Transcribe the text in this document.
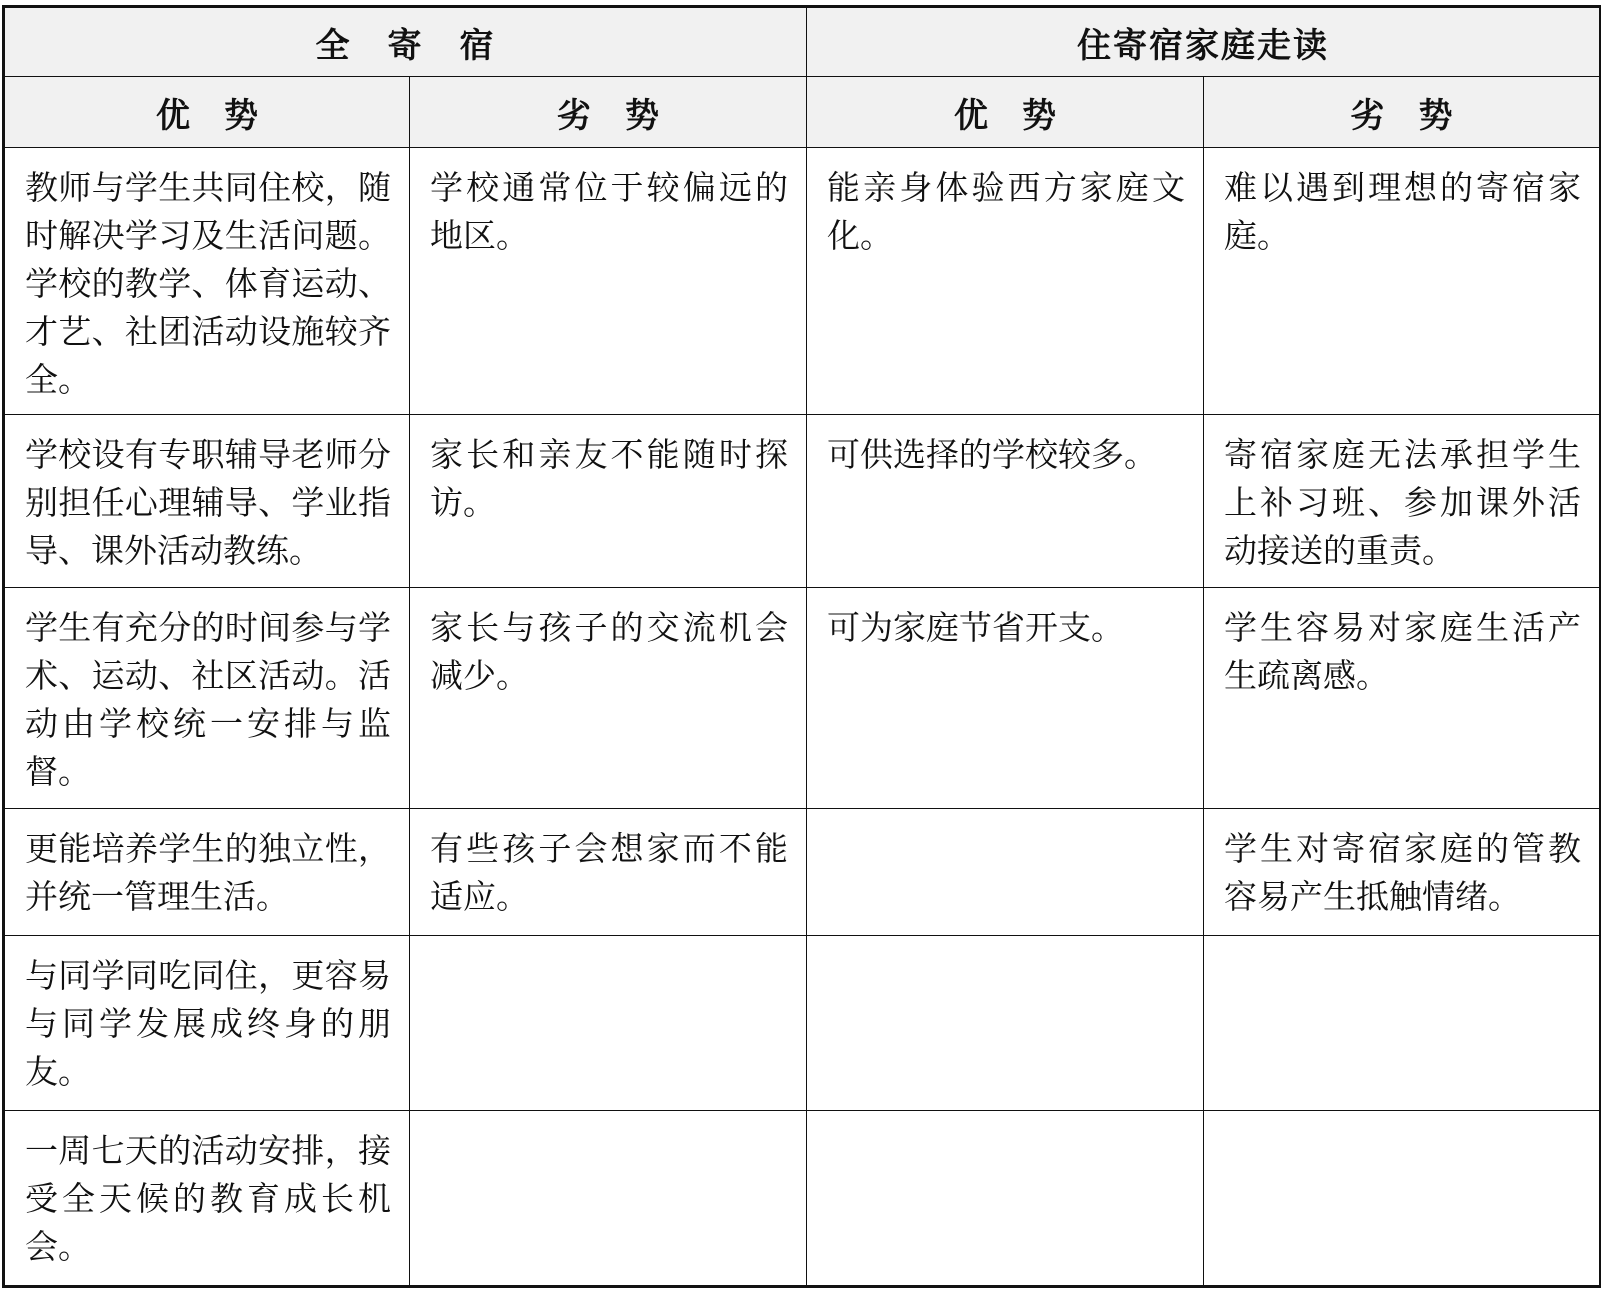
全　寄　宿		住寄宿家庭走读	
优　势	劣　势	优　势	劣　势
教师与学生共同住校，随时解决学习及生活问题。学校的教学、体育运动、才艺、社团活动设施较齐全。	学校通常位于较偏远的地区。	能亲身体验西方家庭文化。	难以遇到理想的寄宿家庭。
学校设有专职辅导老师分别担任心理辅导、学业指导、课外活动教练。	家长和亲友不能随时探访。	可供选择的学校较多。	寄宿家庭无法承担学生上补习班、参加课外活动接送的重责。
学生有充分的时间参与学术、运动、社区活动。活动由学校统一安排与监督。	家长与孩子的交流机会减少。	可为家庭节省开支。	学生容易对家庭生活产生疏离感。
更能培养学生的独立性，并统一管理生活。	有些孩子会想家而不能适应。		学生对寄宿家庭的管教容易产生抵触情绪。
与同学同吃同住，更容易与同学发展成终身的朋友。			
一周七天的活动安排，接受全天候的教育成长机会。			
